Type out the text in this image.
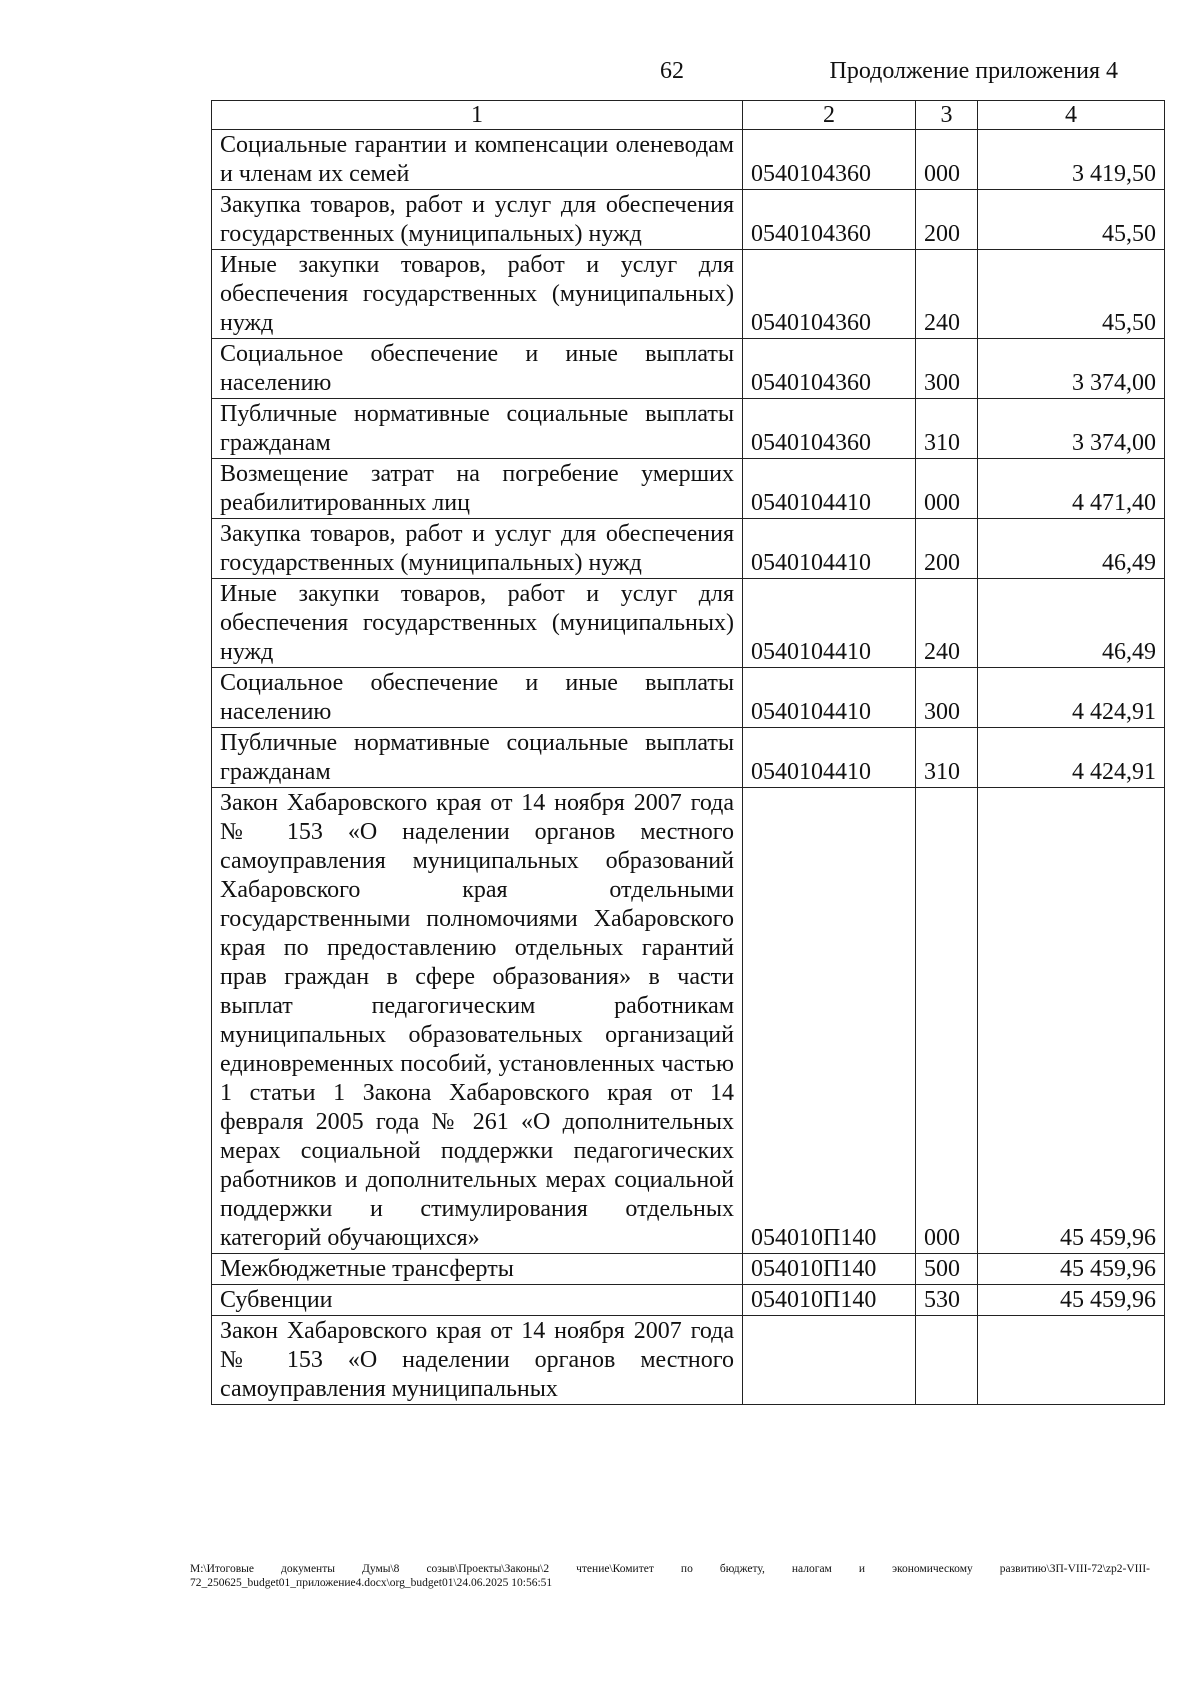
62	Продолжение приложения 4
1	2	3	4
Социальные гарантии и компенсации оленеводам и членам их семей	0540104360	000	3 419,50
Закупка товаров, работ и услуг для обеспечения государственных (муниципальных) нужд	0540104360	200	45,50
Иные закупки товаров, работ и услуг для обеспечения государственных (муниципальных) нужд	0540104360	240	45,50
Социальное обеспечение и иные выплаты населению	0540104360	300	3 374,00
Публичные нормативные социальные выплаты гражданам	0540104360	310	3 374,00
Возмещение затрат на погребение умерших реабилитированных лиц	0540104410	000	4 471,40
Закупка товаров, работ и услуг для обеспечения государственных (муниципальных) нужд	0540104410	200	46,49
Иные закупки товаров, работ и услуг для обеспечения государственных (муниципальных) нужд	0540104410	240	46,49
Социальное обеспечение и иные выплаты населению	0540104410	300	4 424,91
Публичные нормативные социальные выплаты гражданам	0540104410	310	4 424,91
Закон Хабаровского края от 14 ноября 2007 года № 153 «О наделении органов местного самоуправления муниципальных образований Хабаровского края отдельными государственными полномочиями Хабаровского края по предоставлению отдельных гарантий прав граждан в сфере образования» в части выплат педагогическим работникам муниципальных образовательных организаций единовременных пособий, установленных частью 1 статьи 1 Закона Хабаровского края от 14 февраля 2005 года № 261 «О дополнительных мерах социальной поддержки педагогических работников и дополнительных мерах социальной поддержки и стимулирования отдельных категорий обучающихся»	054010П140	000	45 459,96
Межбюджетные трансферты	054010П140	500	45 459,96
Субвенции	054010П140	530	45 459,96
Закон Хабаровского края от 14 ноября 2007 года № 153 «О наделении органов местного самоуправления муниципальных			
M:\Итоговые документы Думы\8 созыв\Проекты\Законы\2 чтение\Комитет по бюджету, налогам и экономическому развитию\ЗП-VIII-72\zp2-VIII-72_250625_budget01_приложение4.docx\org_budget01\24.06.2025 10:56:51
